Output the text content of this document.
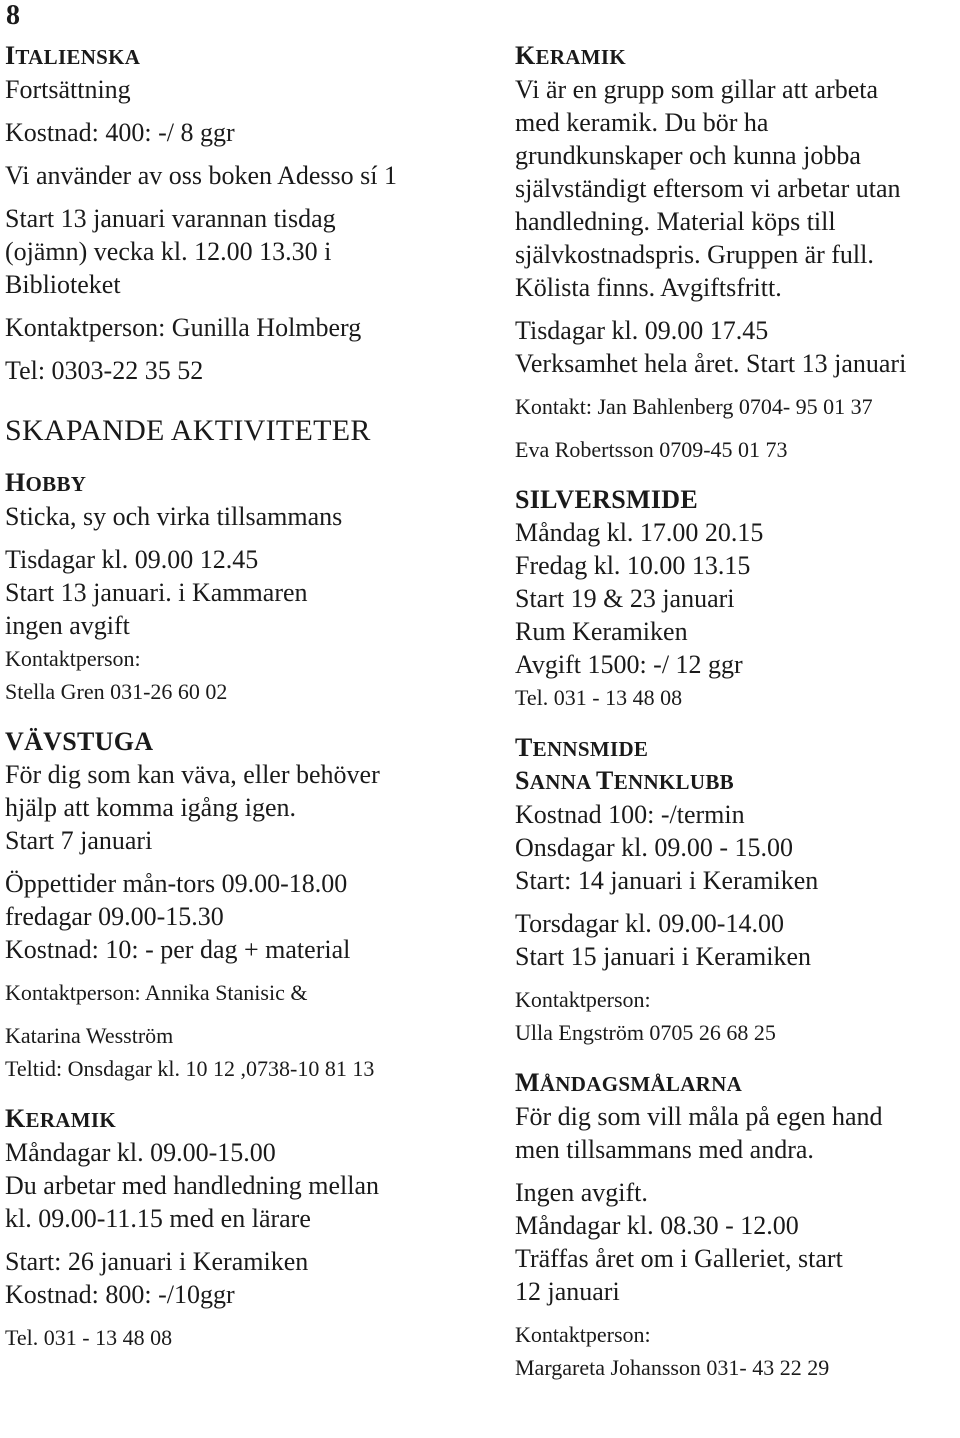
8

ITALIENSKA

Fortsättning

Kostnad: 400: -/ 8 ggr

Vi använder av oss boken Adesso sí 1

Start 13 januari varannan tisdag

(ojämn) vecka kl. 12.00 13.30 i

Biblioteket

Kontaktperson: Gunilla Holmberg

Tel: 0303-22 35 52

SKAPANDE AKTIVITETER

HOBBY

Sticka, sy och virka tillsammans

Tisdagar kl. 09.00 12.45

Start 13 januari. i Kammaren

ingen avgift

Kontaktperson:

Stella Gren 031-26 60 02

VÄVSTUGA

För dig som kan väva, eller behöver

hjälp att komma igång igen.

Start 7 januari

Öppettider mån-tors 09.00-18.00

fredagar 09.00-15.30

Kostnad: 10: - per dag + material

Kontaktperson: Annika Stanisic &

Katarina Wesström

Teltid: Onsdagar kl. 10 12 ,0738-10 81 13

KERAMIK

Måndagar kl. 09.00-15.00

Du arbetar med handledning mellan

kl. 09.00-11.15 med en lärare

Start: 26 januari i Keramiken

Kostnad: 800: -/10ggr

Tel. 031 - 13 48 08

KERAMIK

Vi är en grupp som gillar att arbeta

med keramik. Du bör ha

grundkunskaper och kunna jobba

självständigt eftersom vi arbetar utan

handledning. Material köps till

självkostnadspris. Gruppen är full.

Kölista finns. Avgiftsfritt.

Tisdagar kl. 09.00 17.45

Verksamhet hela året. Start 13 januari

Kontakt: Jan Bahlenberg 0704- 95 01 37

Eva Robertsson 0709-45 01 73

SILVERSMIDE

Måndag kl. 17.00 20.15

Fredag kl. 10.00 13.15

Start 19 & 23 januari

Rum Keramiken

Avgift 1500: -/ 12 ggr

Tel. 031 - 13 48 08

TENNSMIDE

SANNA TENNKLUBB

Kostnad 100: -/termin

Onsdagar kl. 09.00 - 15.00

Start: 14 januari i Keramiken

Torsdagar kl. 09.00-14.00

Start 15 januari i Keramiken

Kontaktperson:

Ulla Engström 0705 26 68 25

MÅNDAGSMÅLARNA

För dig som vill måla på egen hand

men tillsammans med andra.

Ingen avgift.

Måndagar kl. 08.30 - 12.00

Träffas året om i Galleriet, start

12 januari

Kontaktperson:

Margareta Johansson 031- 43 22 29
